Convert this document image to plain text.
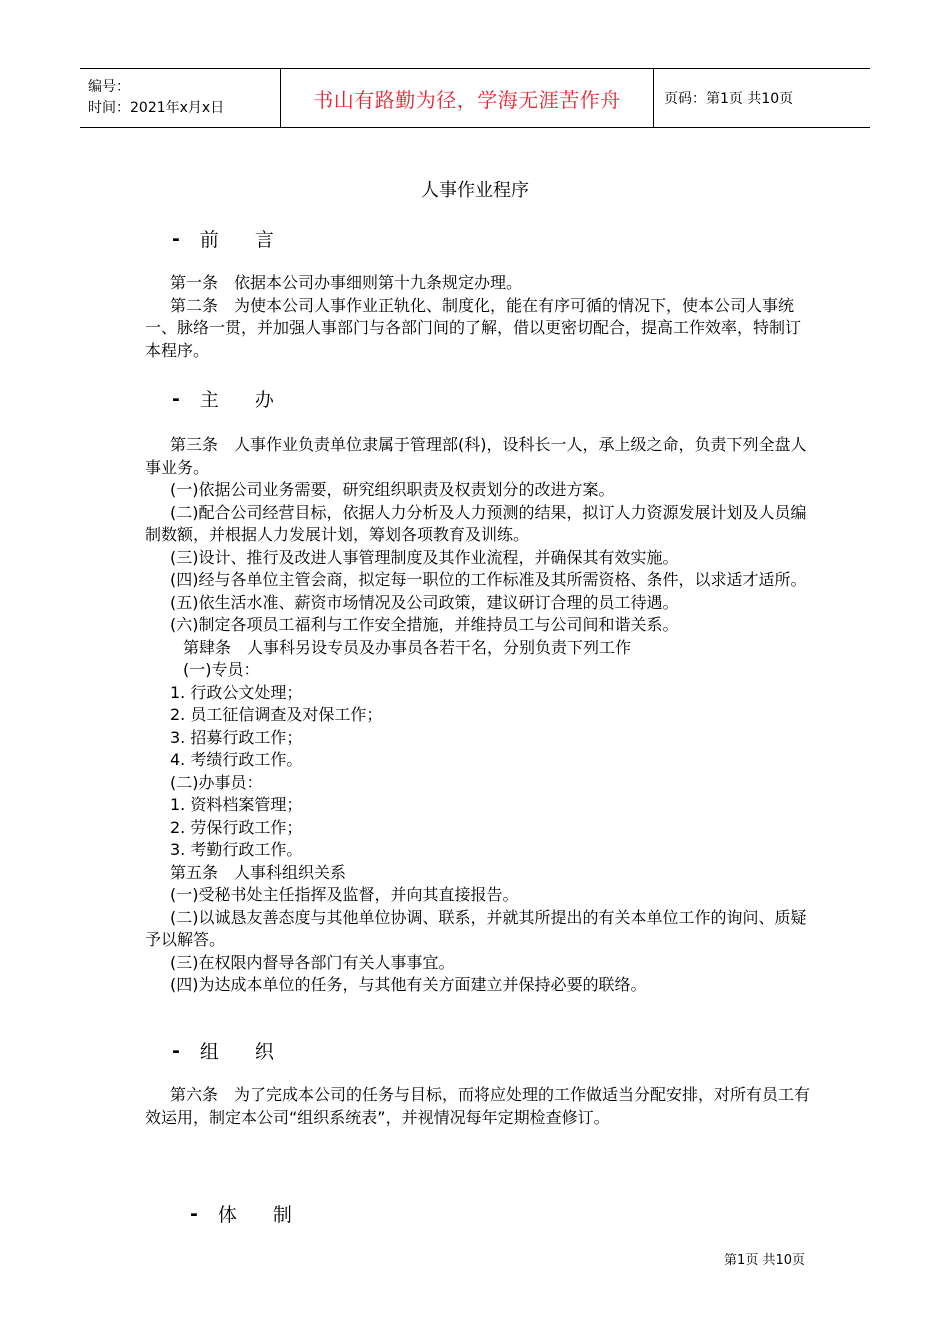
编号：
时间：2021年x月x日	书山有路勤为径，学海无涯苦作舟	页码：第1页 共10页
人事作业程序
- 前言

第一条　依据本公司办事细则第十九条规定办理。

第二条　为使本公司人事作业正轨化、制度化，能在有序可循的情况下，使本公司人事统一、脉络一贯，并加强人事部门与各部门间的了解，借以更密切配合，提高工作效率，特制订本程序。

- 主办

第三条　人事作业负责单位隶属于管理部(科)，设科长一人，承上级之命，负责下列全盘人事业务。

(一)依据公司业务需要，研究组织职责及权责划分的改进方案。

(二)配合公司经营目标，依据人力分析及人力预测的结果，拟订人力资源发展计划及人员编制数额，并根据人力发展计划，筹划各项教育及训练。

(三)设计、推行及改进人事管理制度及其作业流程，并确保其有效实施。

(四)经与各单位主管会商，拟定每一职位的工作标准及其所需资格、条件，以求适才适所。

(五)依生活水准、薪资市场情况及公司政策，建议研订合理的员工待遇。

(六)制定各项员工福利与工作安全措施，并维持员工与公司间和谐关系。

第肆条　人事科另设专员及办事员各若干名，分别负责下列工作

(一)专员：

1. 行政公文处理；

2. 员工征信调查及对保工作；

3. 招募行政工作；

4. 考绩行政工作。

(二)办事员：

1. 资料档案管理；

2. 劳保行政工作；

3. 考勤行政工作。

第五条　人事科组织关系

(一)受秘书处主任指挥及监督，并向其直接报告。

(二)以诚恳友善态度与其他单位协调、联系，并就其所提出的有关本单位工作的询问、质疑予以解答。

(三)在权限内督导各部门有关人事事宜。

(四)为达成本单位的任务，与其他有关方面建立并保持必要的联络。

- 组织

第六条　为了完成本公司的任务与目标，而将应处理的工作做适当分配安排，对所有员工有效运用，制定本公司“组织系统表”，并视情况每年定期检查修订。

- 体制
第1页 共10页
